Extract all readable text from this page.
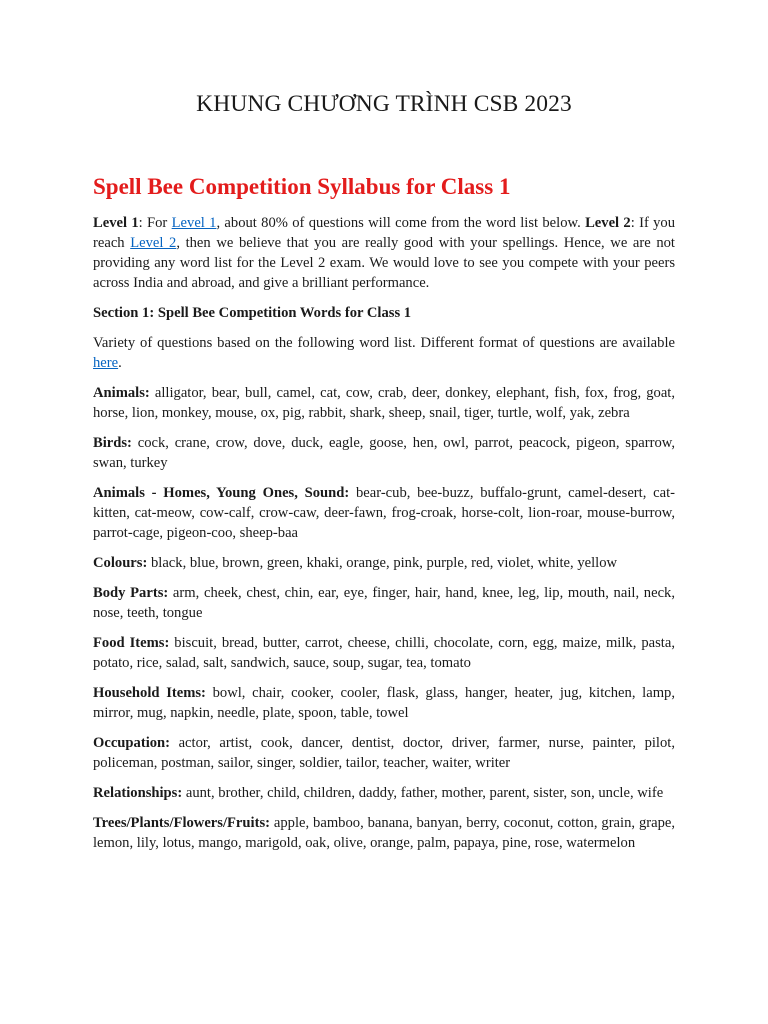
KHUNG CHƯƠNG TRÌNH CSB 2023
Spell Bee Competition Syllabus for Class 1

Level 1: For Level 1, about 80% of questions will come from the word list below. Level 2: If you reach Level 2, then we believe that you are really good with your spellings. Hence, we are not providing any word list for the Level 2 exam. We would love to see you compete with your peers across India and abroad, and give a brilliant performance.

Section 1: Spell Bee Competition Words for Class 1

Variety of questions based on the following word list. Different format of questions are available here.

Animals: alligator, bear, bull, camel, cat, cow, crab, deer, donkey, elephant, fish, fox, frog, goat, horse, lion, monkey, mouse, ox, pig, rabbit, shark, sheep, snail, tiger, turtle, wolf, yak, zebra

Birds: cock, crane, crow, dove, duck, eagle, goose, hen, owl, parrot, peacock, pigeon, sparrow, swan, turkey

Animals - Homes, Young Ones, Sound: bear-cub, bee-buzz, buffalo-grunt, camel-desert, cat-kitten, cat-meow, cow-calf, crow-caw, deer-fawn, frog-croak, horse-colt, lion-roar, mouse-burrow, parrot-cage, pigeon-coo, sheep-baa

Colours: black, blue, brown, green, khaki, orange, pink, purple, red, violet, white, yellow

Body Parts: arm, cheek, chest, chin, ear, eye, finger, hair, hand, knee, leg, lip, mouth, nail, neck, nose, teeth, tongue

Food Items: biscuit, bread, butter, carrot, cheese, chilli, chocolate, corn, egg, maize, milk, pasta, potato, rice, salad, salt, sandwich, sauce, soup, sugar, tea, tomato

Household Items: bowl, chair, cooker, cooler, flask, glass, hanger, heater, jug, kitchen, lamp, mirror, mug, napkin, needle, plate, spoon, table, towel

Occupation: actor, artist, cook, dancer, dentist, doctor, driver, farmer, nurse, painter, pilot, policeman, postman, sailor, singer, soldier, tailor, teacher, waiter, writer

Relationships: aunt, brother, child, children, daddy, father, mother, parent, sister, son, uncle, wife

Trees/Plants/Flowers/Fruits: apple, bamboo, banana, banyan, berry, coconut, cotton, grain, grape, lemon, lily, lotus, mango, marigold, oak, olive, orange, palm, papaya, pine, rose, watermelon
